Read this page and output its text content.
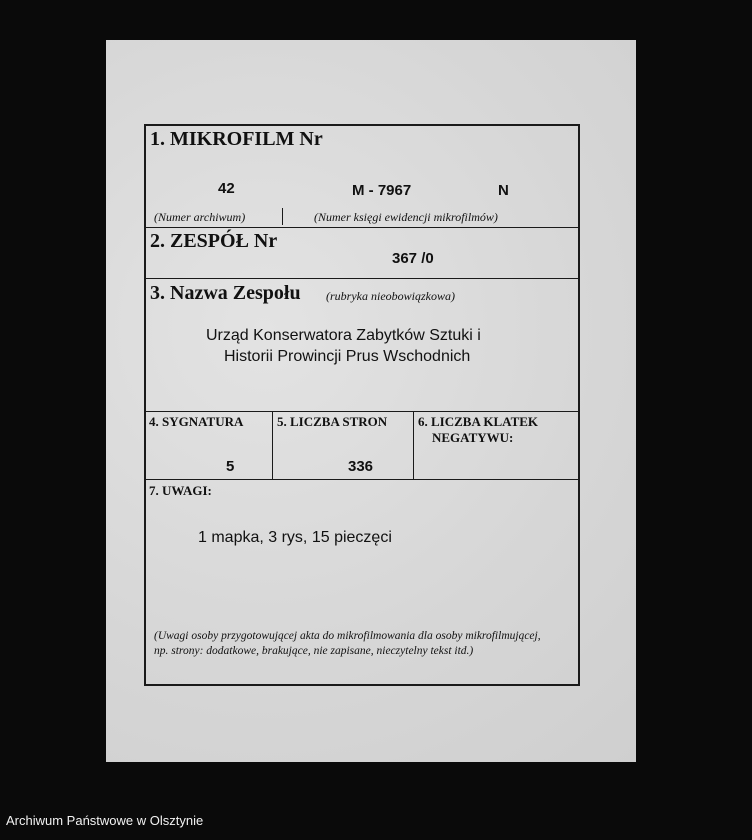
1. MIKROFILM Nr
42	M - 7967	N
(Numer archiwum)	(Numer księgi ewidencji mikrofilmów)
2. ZESPÓŁ Nr
367 /0
3. Nazwa Zespołu (rubryka nieobowiązkowa)
Urząd Konserwatora Zabytków Sztuki i
Historii Prowincji Prus Wschodnich
4. SYGNATURA
5
5. LICZBA STRON
336
6. LICZBA KLATEK
NEGATYWU:
7. UWAGI:
1 mapka, 3 rys, 15 pieczęci
(Uwagi osoby przygotowującej akta do mikrofilmowania dla osoby mikrofilmującej,
np. strony: dodatkowe, brakujące, nie zapisane, nieczytelny tekst itd.)
Archiwum Państwowe w Olsztynie
